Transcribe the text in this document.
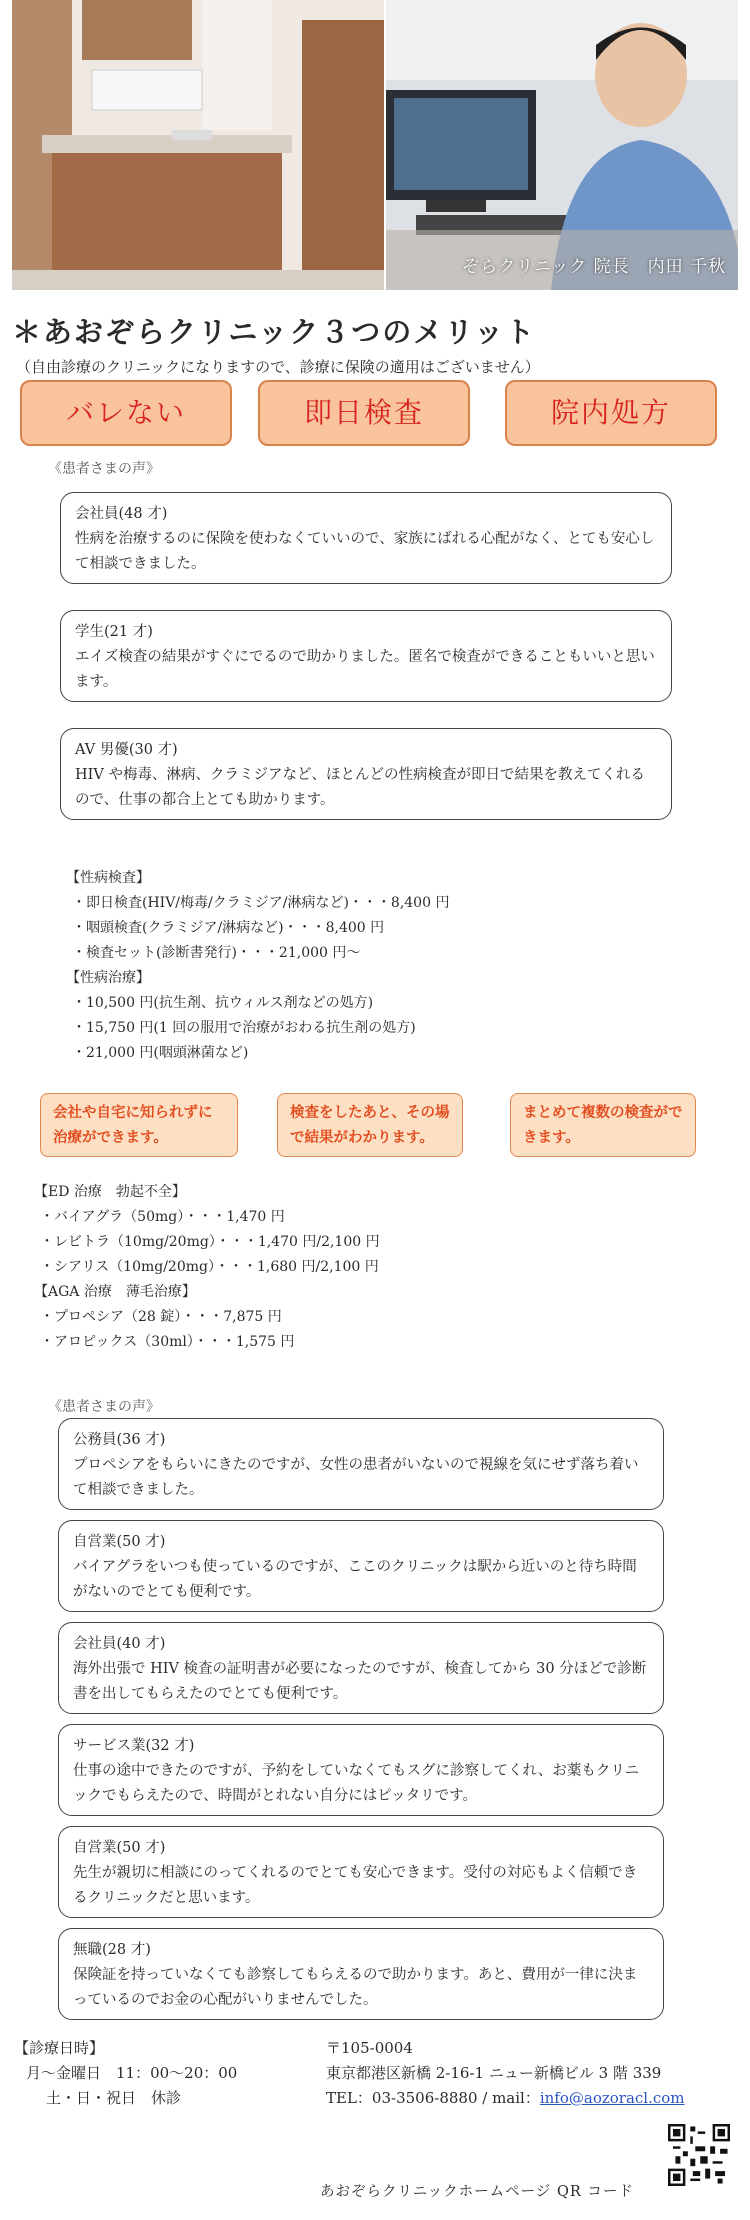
ぞらクリニック 院長　内田 千秋
＊あおぞらクリニック３つのメリット
（自由診療のクリニックになりますので、診療に保険の適用はございません）
バレない	即日検査	院内処方
《患者さまの声》
会社員(48 才)
性病を治療するのに保険を使わなくていいので、家族にばれる心配がなく、とても安心して相談できました。
学生(21 才)
エイズ検査の結果がすぐにでるので助かりました。匿名で検査ができることもいいと思います。
AV 男優(30 才)
HIV や梅毒、淋病、クラミジアなど、ほとんどの性病検査が即日で結果を教えてくれるので、仕事の都合上とても助かります。
【性病検査】
・ 即日検査(HIV/梅毒/クラミジア/淋病など)・・・8,400 円
・ 咽頭検査(クラミジア/淋病など)・・・8,400 円
・ 検査セット(診断書発行)・・・21,000 円〜
【性病治療】
・ 10,500 円(抗生剤、抗ウィルス剤などの処方)
・ 15,750 円(1 回の服用で治療がおわる抗生剤の処方)
・ 21,000 円(咽頭淋菌など)
会社や自宅に知られずに治療ができます。
検査をしたあと、その場で結果がわかります。
まとめて複数の検査ができます。
【ED 治療　勃起不全】
・ バイアグラ（50mg）・・・1,470 円
・ レビトラ（10mg/20mg）・・・1,470 円/2,100 円
・ シアリス（10mg/20mg）・・・1,680 円/2,100 円
【AGA 治療　薄毛治療】
・ プロペシア（28 錠）・・・7,875 円
・ アロピックス（30ml）・・・1,575 円
《患者さまの声》
公務員(36 才)
プロペシアをもらいにきたのですが、女性の患者がいないので視線を気にせず落ち着いて相談できました。
自営業(50 才)
バイアグラをいつも使っているのですが、ここのクリニックは駅から近いのと待ち時間がないのでとても便利です。
会社員(40 才)
海外出張で HIV 検査の証明書が必要になったのですが、検査してから 30 分ほどで診断書を出してもらえたのでとても便利です。
サービス業(32 才)
仕事の途中できたのですが、予約をしていなくてもスグに診察してくれ、お薬もクリニックでもらえたので、時間がとれない自分にはピッタリです。
自営業(50 才)
先生が親切に相談にのってくれるのでとても安心できます。受付の対応もよく信頼できるクリニックだと思います。
無職(28 才)
保険証を持っていなくても診察してもらえるので助かります。あと、費用が一律に決まっているのでお金の心配がいりませんでした。
【診療日時】
月〜金曜日　11：00〜20：00
土・日・祝日　休診
〒105-0004
東京都港区新橋 2-16-1 ニュー新橋ビル 3 階 339
TEL：03-3506-8880 / mail：info@aozoracl.com
あおぞらクリニックホームページ QR コード
